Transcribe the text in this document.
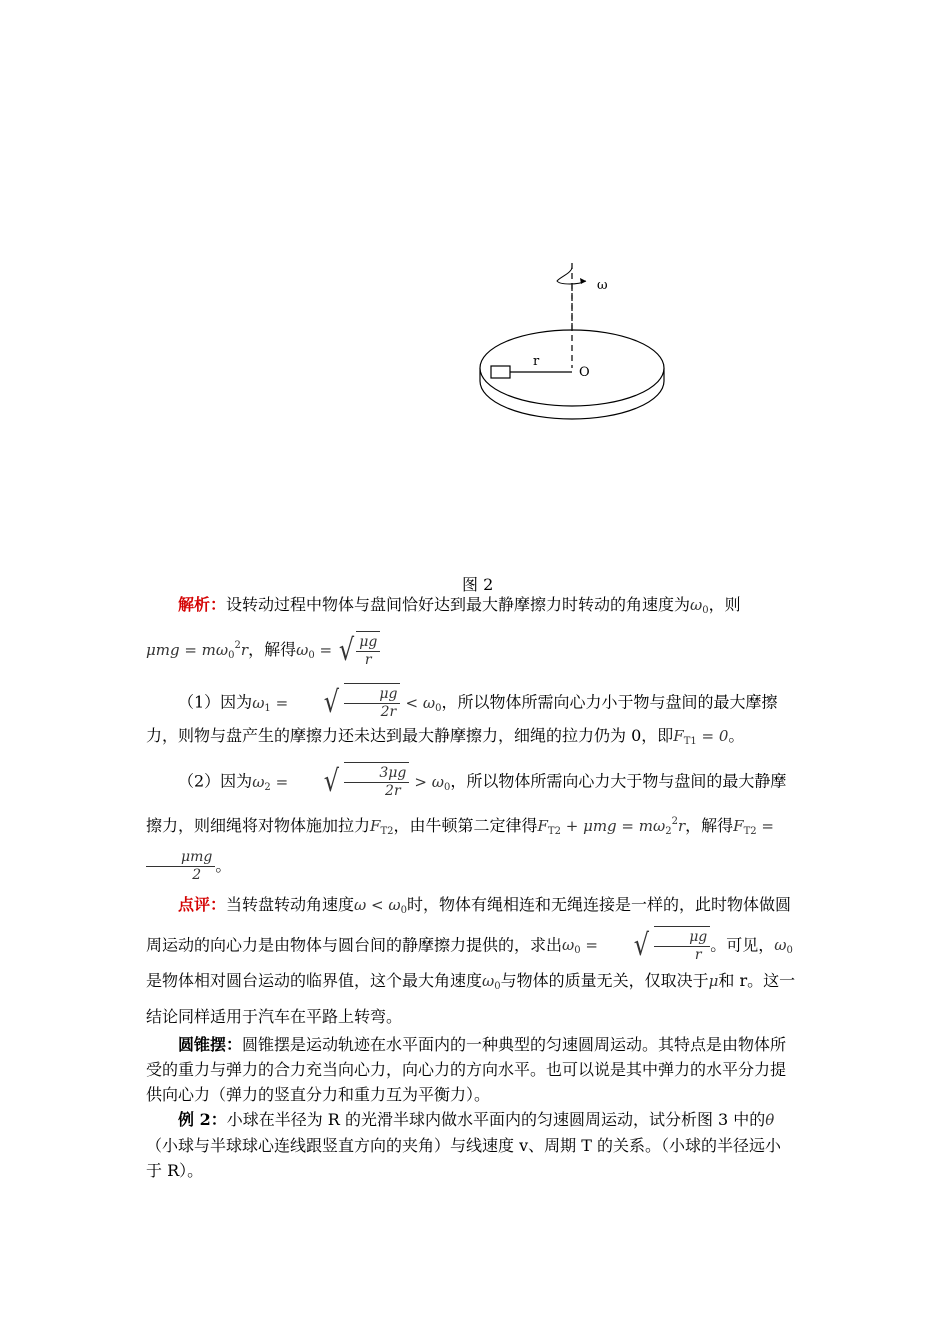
ω
r
O
图 2

解析：设转动过程中物体与盘间恰好达到最大静摩擦力时转动的角速度为$\omega_0$，则

$\mu mg = m\omega_0^2r$，解得$\omega_0$ = √ $\frac{\mu g}{r}$

（1）因为$\omega_1$ =	√ $\frac{\mu g}{2r} < \omega_0$，所以物体所需向心力小于物与盘间的最大摩擦力，则物与盘产生的摩擦力还未达到最大静摩擦力，细绳的拉力仍为 0，即$F_{T1} = 0$。

（2）因为$\omega_2$ =	√ $\frac{3\mu g}{2r} > \omega_0$，所以物体所需向心力大于物与盘间的最大静摩擦力，则细绳将对物体施加拉力$F_{T2}$，由牛顿第二定律得$F_{T2} + \mu mg = m\omega_2^2r$，解得$F_{T2}$ =
$\frac{\text{μmg}}{2}$ 。

点评：当转盘转动角速度$\omega < \omega_0$时，物体有绳相连和无绳连接是一样的，此时物体做圆周运动的向心力是由物体与圆台间的静摩擦力提供的，求出$\omega_0$ =	√ $\frac{\mu g}{r}$ 。可见，$\omega_0$是物体相对圆台运动的临界值，这个最大角速度$\omega_0$与物体的质量无关，仅取决于μ和 r。这一结论同样适用于汽车在平路上转弯。

圆锥摆：圆锥摆是运动轨迹在水平面内的一种典型的匀速圆周运动。其特点是由物体所受的重力与弹力的合力充当向心力，向心力的方向水平。也可以说是其中弹力的水平分力提供向心力（弹力的竖直分力和重力互为平衡力）。

例 2：小球在半径为 R 的光滑半球内做水平面内的匀速圆周运动，试分析图 3 中的θ（小球与半球球心连线跟竖直方向的夹角）与线速度 v、周期 T 的关系。（小球的半径远小于 R）。
